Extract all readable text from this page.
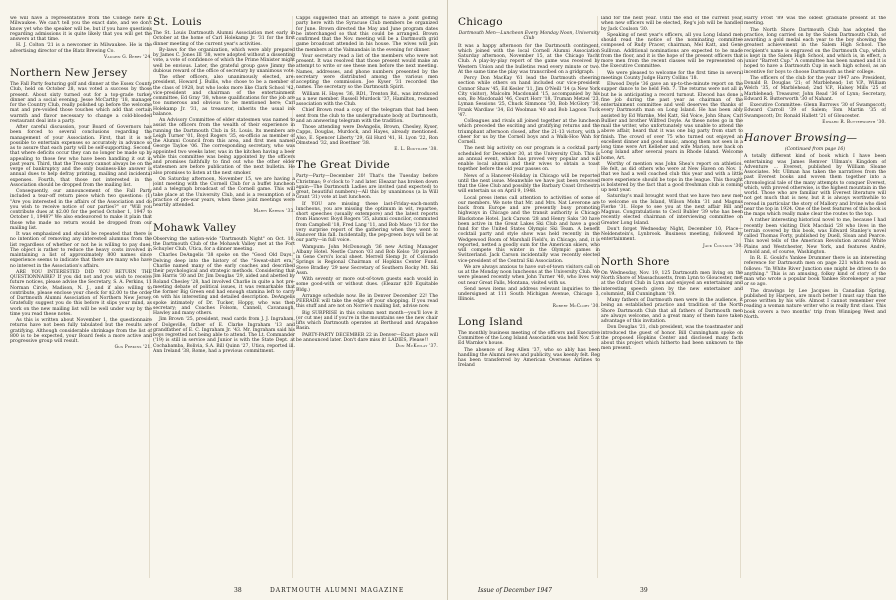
we will have a representative from the College here in Milwaukee. We can't tell you the exact date, and we don't know yet who the speaker will be, but if you have questions regarding admissions it is quite likely that you will get the answers at that time.

H. J. Colton '21 is a newcomer in Milwaukee. He is the advertising director of the Blatz Brewing Co.

Vaughn G. Berry '24.
Northern New Jersey

The Fall Party featuring golf and dinner at the Essex County Club, held on October 28, was voted a success by those present. About sixty turned out for a top-grade turkey dinner and a social evening. Jesse McCarthy '18, manager for the Country Club, really polished up before the welcome mat and pre-voided those touches which add that certain warmth and flavor necessary to change a cold-blooded restaurant deal into a party.

After careful discussion, your Board of Governors has been forced to several conclusions regarding the management of your Association. First, that it is not possible to entertain expenses so accurately in advance so as to assure that each party will be self-supporting. Second, that where deficits occur they can no longer be made up by appealing to those few who have been handling it out in past years. Third, that the Treasury cannot always be on the verge of bankruptcy and the only business-like answer is annual dues to help defray printing, mailing and incidental expenses. Fourth, that those not interested in the Association should be dropped from the mailing list.

Consequently, our announcement of the Fall Party included a tear-off return piece which two questions: (1) "Are you interested in the affairs of the Association and do you wish to receive notice of our parties?" or "Will you contribute dues at $2.00 for the period October 1, 1947 to October 1, 1948?" We also endeavored to make it plain that those who made no return would be dropped from our mailing list.

It was emphasized and should be repeated that there is no intention of removing any interested alumnus from the list regardless of whether or not he is willing to pay dues. The object is rather to reduce the heavy costs involved in maintaining a list of approximately 800 names since experience seems to indicate that there are many who have no interest in the Association's affairs.

ARE YOU INTERESTED DID YOU RETURN THE QUESTIONNAIRE? If you did not and you wish to receive future notices, please advise the Secretary, S. A. Perkins, 11 Norman Circle, Madison, N. J., and if also willing to contribute, please enclose your check for $2.00 to the order of Dartmouth Alumni Association of Northern New Jersey. Gratefully suggest you do this before it slips your mind, as work on the new mailing list will be well under way by the time you read these notes.

As this is written about November 1, the questionnaire returns have not been fully tabulated but the results are gratifying. Although considerable shrinkage from the list of 800 is to be expected, your Board feels a more active and progressive group will result.

Gus Perkins '21.
St. Louis

The St. Louis Dartmouth Alumni Association met early in October at the home of Carl Holekamp Jr. '31 for the first dinner meeting of the current year's activities.

By-laws for the organization, which were ably prepared by James C. Jones III '38, were adopted without a dissenting vote, a vote of confidence of which the Prime Minister might well be envious. Later, the grateful group gave Jimmy the dubious reward of the office of secretary by unanimous vote.

The other officers, also unanimously elected, are: president, Howard J. Bullis, who chose to be a member of the class of 1928, but who looks more like Clark School '42; vice-president and chairman of the entertainment committee, Ed Gray '38, whose qualifications for the job are too numerous and obvious to be mentioned here; Carl Holekamp Jr. '31, as treasurer, inherits the usual ink balance.

An Advisory Committee of elder statesmen was named to assist the officers from the wealth of their experience in running the Dartmouth Club in St. Louis. Its members are Leigh Turner '01, Boyd Rogers '35, ex-officio as member of the Alumni Council from this area, and first men named George Tayloe '06. The corresponding secretary, who was appointed two weeks later, was in the kitchen having a beer while this committee was being appointed by the officers and promises faithfully to find out who the other elder statesmen are before publication of the next bulletin. He also promises to listen at the next smoker.

On Saturday afternoon, November 15, we are having a joint meeting with the Cornell Club for a buffet luncheon and a telegraph broadcast of the Cornell game. This will take place at the University Club, and is a resumption of a practice of pre-war years, when these joint meetings were heartily attended.

Marty Kerwin '33.
Mohawk Valley

Observing the nation-wide "Dartmouth Night" on Oct. 10, the Dartmouth Club of the Mohawk Valley met at the Fort Schuyler Club, Utica, for a dinner meeting.

Charles DeAngelis '38 spoke on the "Good Old Days." Delving deep into the history of the "Sweat-shirt era," Charlie named many of the early coaches and described their psychological and strategic methods. Considering that Jim Harris '30 and Dr. Jim Douglas '29, aided and abetted by Roland Chesley '28, had involved Charlie in quite a hot pre-meeting debate of political issues, it was remarkable that the former Big Green end had enough stamina left to carry on with his interesting and detailed description. DeAngelis spoke intimately of Dr. Tucker, Hoppy, who was then secretary; and Coaches Folsom, Cannell, Cavanaugh, Hawley and many others.

Jim Brown '25, president, read cards from J. J. Ingraham, of Dolgeville, father of E. Clarke Ingraham '13 and grandfather of E. C. Ingraham Jr. '43. Mr. Ingraham said his boys regretted not being able to attend. The Lt. Commander ('19) is still in service and Junior is with the State Dept. at Cochabamba, Bolivia, S.A. Bill Quinn '27, Utica, reported ill. Ann Ireland '38, Rome, had a previous commitment.

Capps suggested that an attempt to have a joint golfing party here with the Syracuse Club members be organized for June. Brown directed the May and June program dates be interchanged so that this could be arranged. Brown confirmed that the Nov. meeting will be a Dartmouth grid game broadcast attended in his house. The wives will join the members at the Valmandais in the evening for dinner.

Your secretary read a list of the members who were not present. It was resolved that those present would make an attempt to write or see these men before the next meeting. Names, addresses, and phone numbers presented by the secretary were distributed among the various men accepting the commission. Joe Kyser '31 recorded the names. The secretary so the Dartmouth Spirit.

William H. Hayes '36, RD1, Trenton Rd., was introduced as a new member. Russell Murdock '37, Hamilton, resumed association with the Club.

Chief Brown read a copy of the telegram that had been sent from the club to the undergraduate body at Dartmouth, and an answering telegram with the tradition.

Those attending were DeAngelis, Brown, Chesley, Kyser, Capps, Douglas, Murdock, and Hayes, already mentioned. Also, E. Spencer Liberty '29, Gil Hurd '41, H. Lyon '22, Ron Olmstead '32, and Boettner '38.

E. L. Boutilier '38.
The Great Divide

Party—Party—December 20! That's the Tuesday before Christmas; 9 o'clock to ? and later. Eleazar has broken down again—The Dartmouth Ladies are invited (and expected) to great, beautiful numbers)—All this by unanimous (a la Will Grant '31) vote at last luncheon.

If YOU are missing these last-Friday-each-month luncheons, you are missing the optimum in wit, repartee, short speeches (usually extempore) and the latest reports from Hanover. Boyd Rogers '35, alumni councilor, commuted from Campbell '18, Fred Lang '11, and Bob Mace '13 for the very surprise report of the gathering when they went to Hanover this fall. Incidentally, the pep-green boys will be at our party—in full voice.

Wampum: John McDonough '36 new Acting Manager Albany Hotel. Nestle Carson '03 and Bob Kelso '30 praised in Gene Cervi's local sheet. Merrell Slemp Jr. of Colorado Springs is Regional Chairman of Hopkins Center Fund. Steve Bradley '29 new Secretary of Southern Rocky Mt. Ski Assn.

With seventy or more out-of-town guests each would in some good-with or without dues. (Eleazar $20 Equitable Bldg.)

Arrange schedule now. Be in Denver December 22! The PEERADE will take the edge off your shopping. If you read this stuff and are not on Norrie's mailing list, advise now.

Big SURPRISE in this column next month—you'll love it (or cut me) and if you're in the mountains see the new chair lifts which Dartmouth operates at Berthoud and Arapahoe Basin.

PARTY-PARTY DECEMBER 22 in Denver—Exact place will be announced later. Don't dare miss it! LADIES, Please!!

Don McKinlay '37.
38	DARTMOUTH ALUMNI MAGAZINE
Chicago
Dartmouth Men—Luncheon Every Monday Noon, University Club

It was a happy afternoon for the Dartmouth contingent, which joined with the local Cornell Alumni Association Saturday afternoon, November 15, at the Chicago Yacht Club. A play-by-play report of the game was received by Western Union and the bulletins read every minute or two. At the same time the play was transcribed on a gridgraph.

Percy Don MacKay '61 lead the Dartmouth cheering section while others on hand included our vice-president Connor Shaw '45, Ed Kesler '11, Jim O'Neill '14 (a New York City visitor), Malcolm Macdonald '15, accompanied by his son, Bo Macdonald '46, Court Horr '18, Truman Metzel '23, Lyman Sessions '25, Chuck Simmons '30, Bob McGlory '30, Frank Wardlaw '34, Ed Woolman '40 and Bob Lagoon Tuck '47.

Colleagues and rivals all joined together at the luncheon which preceded the exciting and gratifying returns and the triumphant afternoon closed, after the 21-13 victory, with a cheer for us by the Cornell boys and a Walk-Hoo Wah for Cornell.

The next big activity on our program is a cocktail party scheduled for December 30, at the University Club. This is an annual event, which has proved very popular and will enable local alumni and their wives to obtain a toast together before the old year passes on.

News of a Hanover-Holiday in Chicago will be reported until the next issue. Meanwhile we have just been received that the Glee Club and possibly the Barbary Coast Orchestra will entertain us on April 9, 1948.

Local press items call attention to activities of some of our members. We note that Mr. and Mrs. Nat Leverone are back from Europe and are presently busy promoting highways in Chicago and the transit authority is Chicago Blackstone Hotel. Jack Carson '28 and Henry Saks '30 have been active in the Great Lakes Ski Club and have a good fund for the United States Olympic Ski Team. A benefit cocktail party and style show was held recently in the Wedgewood Room of Marshall Field's, in Chicago, and, it is reported, netted a goodly sum for the American skiers, who will compete this winter in the Olympic games in Switzerland. Jack Carson incidentally was recently elected vice-president of the Central Ski Association.

We are always anxious to have out-of-town visitors call on us at the Monday noon luncheons at the University Club. We were pleased recently when John Turner '40, who lives way out near Great Falls, Montana, visited with us.

Send news items and address relevant inquiries to the undersigned at 111 South Michigan Avenue, Chicago 3, Illinois.

Robert McClory '30.
Long Island

The monthly business meeting of the officers and Executive Committee of the Long Island Association was held Nov. 5 at Ed Warnke's house.

The absence of Reg Allen '37, who so ably has been handling the Alumni news and publicity, was keenly felt. Reg has been transferred by American Overseas Airlines to Ireland

land for the next year. Until the end of the current year, when new officers will be elected, Reg's job will be handled by Jack Coulson '30.

Speaking of next year's officers, all you Long Island men should read the notice of the nominating committee composed of Rudy Pracer, chairman, Mel Katt, and Gene Sullivan. Additional nominations are expected to be made from the floor, and it is the hope of the present officers that more men from the recent classes will be represented on the Executive Committee.

We were pleased to welcome for the first time in several meetings County Judge Harry Collins '18.

Elwood Doyle '36 gave an up-to-the-minute report on the supper dance to be held Feb. 7. The returns were not all in but he is anticipating a record turnout. Elwood has done a fine job during the past year as chairman of the entertainment committee and well deserves the thanks of every Dartmouth man on Long Island. He has been ably assisted by Ed Warnke, Mel Katt, Sid Voice, John Shaw, Carl Bullier and brother Wilfred Doyle. As these notes go in the mail the writer, who unfortunately was unable to attend the above affair, heard that it was one big party from start to finish. The crowd of over 75 who turned out enjoyed an excellent dinner and good music, among them not seen in a long time were Art Kelleher and wife Marion, now back on Long Island after several years in Rhode Island. Welcome home, Art.

Worthy of mention was John Shea's report on athletics. He felt, as did others who were at New Haven on Nov. 1, that we had a well coached club this year and with a little more experience should be tops in the league. This thought is bolstered by the fact that a good freshman club is coming up next year.

Saturday's mail brought word that we have two new men to welcome on the Island, Wilson Mohn '31 and Magnus Fierke '31. Hope to see you at the next affair Bill and Magnus. Congratulations to Cecil Bubler '39 who has been recently elected chairman of interviewing committee on Greater Long Island.

Don't forget Wednesday Night, December 10, Place—Neldenstein's, Lynbrook. Business meeting, followed by entertainment.

Jack Coulson '30.
North Shore

On Wednesday, Nov. 19, 125 Dartmouth men living on the North Shore of Massachusetts, from Lynn to Gloucester, met at the Oxford Club in Lynn and enjoyed an entertaining and interesting speech given by the new entertainer and columnist, Bill Cunningham '19.

Many fathers of Dartmouth men were in the audience, it being an established practice and tradition of the North Shore Dartmouth Club that all fathers of Dartmouth men are always welcome, and a great many of them have taken advantage of this invitation.

Don Douglas '21, club president, was the toastmaster and introduced the guest of honor. Bill Cunningham spoke on the proposed Hopkins Center and disclosed many facts about this project which hitherto had been unknown to the men present.

Harry Frost '89 was the oldest graduate present at the meeting.

The North Shore Dartmouth Club has adopted the practice, long carried on by the Salem Dartmouth Club, of awarding a gold medal each year to the boy showing the greatest achievement in the Salem High School. The recipient's name is engraved on the Dartmouth Cup, which is kept in the Salem High School, and which is, in effect, a junior "Barrett Cup." A committee has been named and it is hoped to have a Dartmouth Cup in each high school, as an incentive for boys to choose Dartmouth as their college.

The officers of the club for the year 1947 are: President, Donald B. Douglas '21; of Marblehead; 1st V.P., William Welch '35, of Marblehead; 2nd V.P., Halsey Mills '25 of Marblehead; Treasurer, John Read '36 of Lynn; Secretary, Edward R. Butterworth '30 of Nahant.

Executive Committee: Glenn Barrows '30 of Swampscott; Edward Carroll '39 of Salem; Tom Martin '35 of Swampscott; Dr. Ronald Hallett '21 of Gloucester.

Edward R. Butterworth '30.
Hanover Browsing—
(Continued from page 16)

A totally different kind of book which I have been entertaining was James Remver Ullman's Kingdom of Adventure ... Everest, published by William Sloane Associates. Mr. Ullman has taken the narratives from the past Everest books and woven them together into a chronological tale of the many attempts to conquer Everest, which, with proved otherwise, is the highest mountain in the world. Those who are familiar with Everest literature will not get much that is new, but it is always worthwhile to reread in particular the story of Mallory and Irvine who died near the top in 1924. One of the best features of this book is the maps which really make clear the routes to the top.

A rather interesting historical novel to me, because I had recently been visiting Dick Macdaid '28 who lives in the terrain covered by this book, was Edward Stanley's novel called Thomas Forty, published by Duell, Sloan and Pearce. This novel tells of the American Revolution around White Plains and Westchester, New York, and features André, Arnold and, of course, Washington.

In R. E. Gould's Yankee Drummer there is an interesting reference for Dartmouth men on page 221 which reads as follows: "In White River Junction one might be driven to do anything." This is an amusing, folksy kind of story of the man who wrote a popular book Yankee Storekeeper a year or so ago.

The drawings by Lee Jacques in Canadian Spring, published by Harpers, are much better I must say than the prose written by his wife. Almost I cannot remember ever reading a woman nature writer who is really first class. This book covers a two months' trip from Winnipeg West and North.

Issue of December 1947	39
